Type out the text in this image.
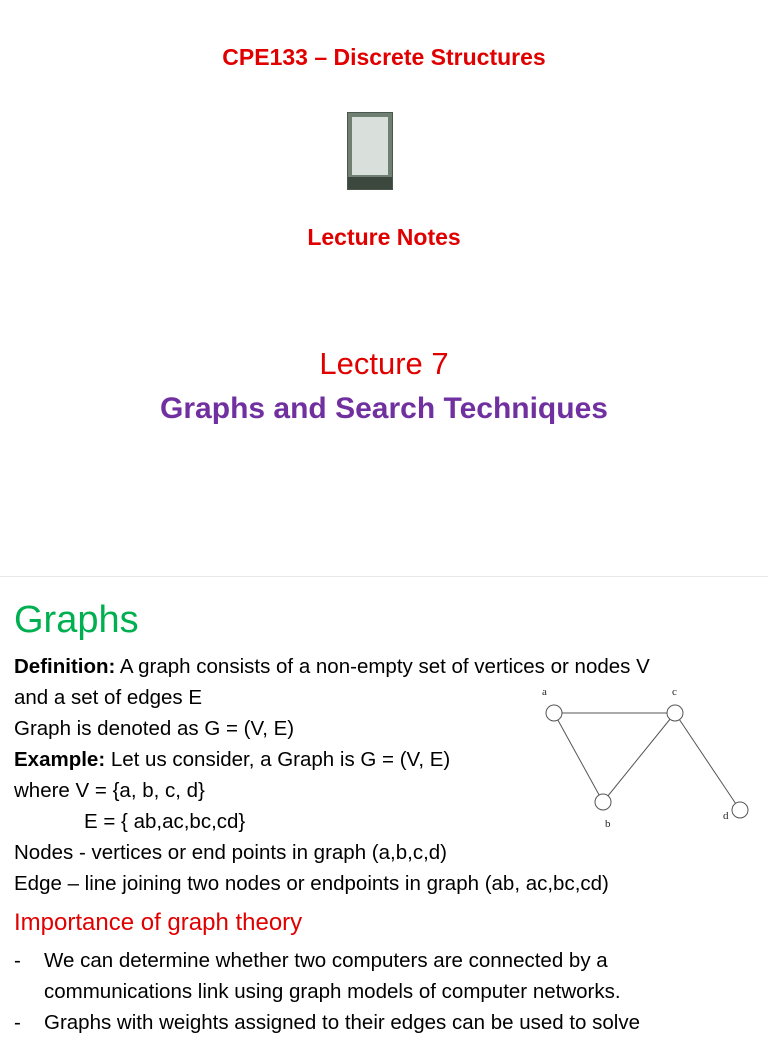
CPE133 – Discrete Structures
Lecture Notes
Lecture 7
Graphs and Search Techniques
Graphs
Definition: A graph consists of a non-empty set of vertices or nodes V
and a set of edges E
Graph is denoted as G = (V, E)
Example: Let us consider, a Graph is G = (V, E)
where V = {a, b, c, d}
E = { ab,ac,bc,cd}
Nodes - vertices or end points in graph (a,b,c,d)
Edge – line joining two nodes or endpoints in graph (ab, ac,bc,cd)
a	c
b
d
Importance of graph theory
-	We can determine whether two computers are connected by a
communications link using graph models of computer networks.
-	Graphs with weights assigned to their edges can be used to solve
